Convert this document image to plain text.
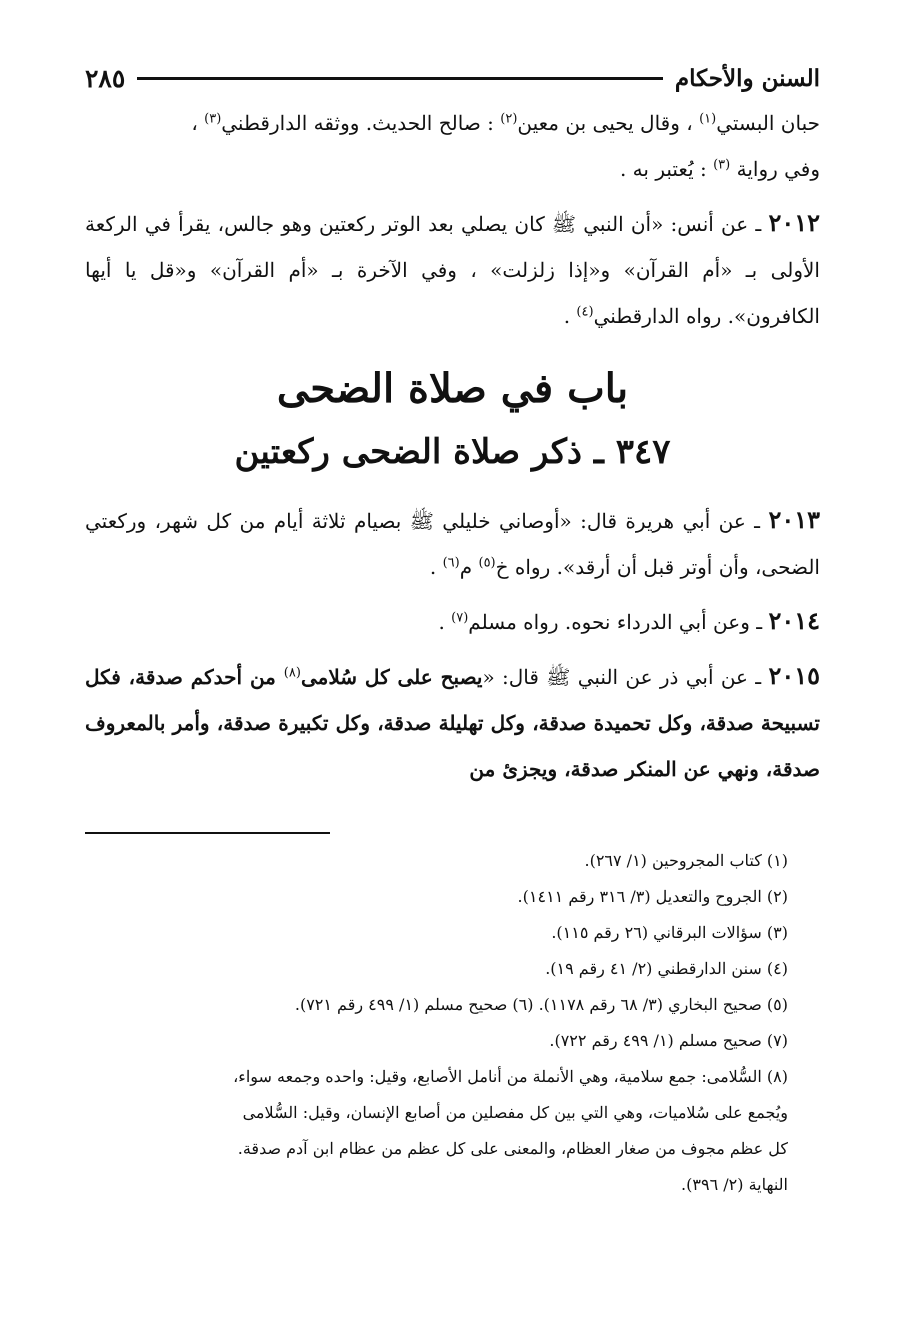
السنن والأحكام
٢٨٥

حبان البستي$^{(١)}$ ، وقال يحيى بن معين$^{(٢)}$ : صالح الحديث. ووثقه الدارقطني$^{(٣)}$ ،

وفي رواية $^{(٣)}$ : يُعتبر به .

٢٠١٢ ـ عن أنس: «أن النبي ﷺ كان يصلي بعد الوتر ركعتين وهو جالس، يقرأ في الركعة الأولى بـ «أم القرآن» و«إذا زلزلت» ، وفي الآخرة بـ «أم القرآن» و«قل يا أيها الكافرون». رواه الدارقطني$^{(٤)}$ .

باب في صلاة الضحى

٣٤٧ ـ ذكر صلاة الضحى ركعتين

٢٠١٣ ـ عن أبي هريرة قال: «أوصاني خليلي ﷺ بصيام ثلاثة أيام من كل شهر، وركعتي الضحى، وأن أوتر قبل أن أرقد». رواه خ$^{(٥)}$ م$^{(٦)}$ .

٢٠١٤ ـ وعن أبي الدرداء نحوه. رواه مسلم$^{(٧)}$ .

٢٠١٥ ـ عن أبي ذر عن النبي ﷺ قال: «يصبح على كل سُلامى$^{(٨)}$ من أحدكم صدقة، فكل تسبيحة صدقة، وكل تحميدة صدقة، وكل تهليلة صدقة، وكل تكبيرة صدقة، وأمر بالمعروف صدقة، ونهي عن المنكر صدقة، ويجزئ من

(١) كتاب المجروحين (١/ ٢٦٧).

(٢) الجروح والتعديل (٣/ ٣١٦ رقم ١٤١١).

(٣) سؤالات البرقاني (٢٦ رقم ١١٥).

(٤) سنن الدارقطني (٢/ ٤١ رقم ١٩).

(٥) صحيح البخاري (٣/ ٦٨ رقم ١١٧٨). (٦) صحيح مسلم (١/ ٤٩٩ رقم ٧٢١).

(٧) صحيح مسلم (١/ ٤٩٩ رقم ٧٢٢).

(٨) السُّلامى: جمع سلامية، وهي الأنملة من أنامل الأصابع، وقيل: واحده وجمعه سواء،

ويُجمع على سُلاميات، وهي التي بين كل مفصلين من أصابع الإنسان، وقيل: السُّلامى

كل عظم مجوف من صغار العظام، والمعنى على كل عظم من عظام ابن آدم صدقة.

النهاية (٢/ ٣٩٦).
